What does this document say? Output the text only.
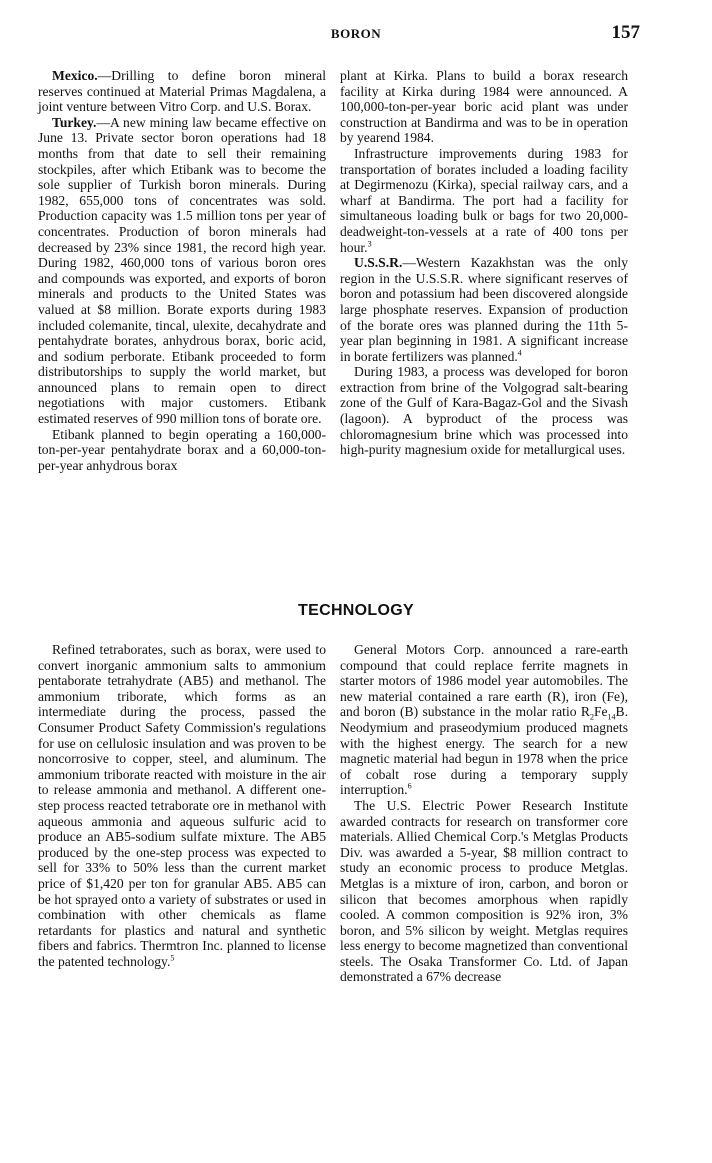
BORON	157

Mexico.—Drilling to define boron mineral reserves continued at Material Primas Magdalena, a joint venture between Vitro Corp. and U.S. Borax.

Turkey.—A new mining law became effective on June 13. Private sector boron operations had 18 months from that date to sell their remaining stockpiles, after which Etibank was to become the sole supplier of Turkish boron minerals. During 1982, 655,000 tons of concentrates was sold. Production capacity was 1.5 million tons per year of concentrates. Production of boron minerals had decreased by 23% since 1981, the record high year. During 1982, 460,000 tons of various boron ores and compounds was exported, and exports of boron minerals and products to the United States was valued at $8 million. Borate exports during 1983 included colemanite, tincal, ulexite, decahydrate and pentahydrate borates, anhydrous borax, boric acid, and sodium perborate. Etibank proceeded to form distributorships to supply the world market, but announced plans to remain open to direct negotiations with major customers. Etibank estimated reserves of 990 million tons of borate ore.

Etibank planned to begin operating a 160,000-ton-per-year pentahydrate borax and a 60,000-ton-per-year anhydrous borax

plant at Kirka. Plans to build a borax research facility at Kirka during 1984 were announced. A 100,000-ton-per-year boric acid plant was under construction at Bandirma and was to be in operation by yearend 1984.

Infrastructure improvements during 1983 for transportation of borates included a loading facility at Degirmenozu (Kirka), special railway cars, and a wharf at Bandirma. The port had a facility for simultaneous loading bulk or bags for two 20,000-deadweight-ton-vessels at a rate of 400 tons per hour.$^3$

U.S.S.R.—Western Kazakhstan was the only region in the U.S.S.R. where significant reserves of boron and potassium had been discovered alongside large phosphate reserves. Expansion of production of the borate ores was planned during the 11th 5-year plan beginning in 1981. A significant increase in borate fertilizers was planned.$^4$

During 1983, a process was developed for boron extraction from brine of the Volgograd salt-bearing zone of the Gulf of Kara-Bagaz-Gol and the Sivash (lagoon). A byproduct of the process was chloromagnesium brine which was processed into high-purity magnesium oxide for metallurgical uses.

TECHNOLOGY

Refined tetraborates, such as borax, were used to convert inorganic ammonium salts to ammonium pentaborate tetrahydrate (AB5) and methanol. The ammonium triborate, which forms as an intermediate during the process, passed the Consumer Product Safety Commission's regulations for use on cellulosic insulation and was proven to be noncorrosive to copper, steel, and aluminum. The ammonium triborate reacted with moisture in the air to release ammonia and methanol. A different one-step process reacted tetraborate ore in methanol with aqueous ammonia and aqueous sulfuric acid to produce an AB5-sodium sulfate mixture. The AB5 produced by the one-step process was expected to sell for 33% to 50% less than the current market price of $1,420 per ton for granular AB5. AB5 can be hot sprayed onto a variety of substrates or used in combination with other chemicals as flame retardants for plastics and natural and synthetic fibers and fabrics. Thermtron Inc. planned to license the patented technology.$^5$

General Motors Corp. announced a rare-earth compound that could replace ferrite magnets in starter motors of 1986 model year automobiles. The new material contained a rare earth (R), iron (Fe), and boron (B) substance in the molar ratio $R_2Fe_{14}B$. Neodymium and praseodymium produced magnets with the highest energy. The search for a new magnetic material had begun in 1978 when the price of cobalt rose during a temporary supply interruption.$^6$

The U.S. Electric Power Research Institute awarded contracts for research on transformer core materials. Allied Chemical Corp.'s Metglas Products Div. was awarded a 5-year, $8 million contract to study an economic process to produce Metglas. Metglas is a mixture of iron, carbon, and boron or silicon that becomes amorphous when rapidly cooled. A common composition is 92% iron, 3% boron, and 5% silicon by weight. Metglas requires less energy to become magnetized than conventional steels. The Osaka Transformer Co. Ltd. of Japan demonstrated a 67% decrease
